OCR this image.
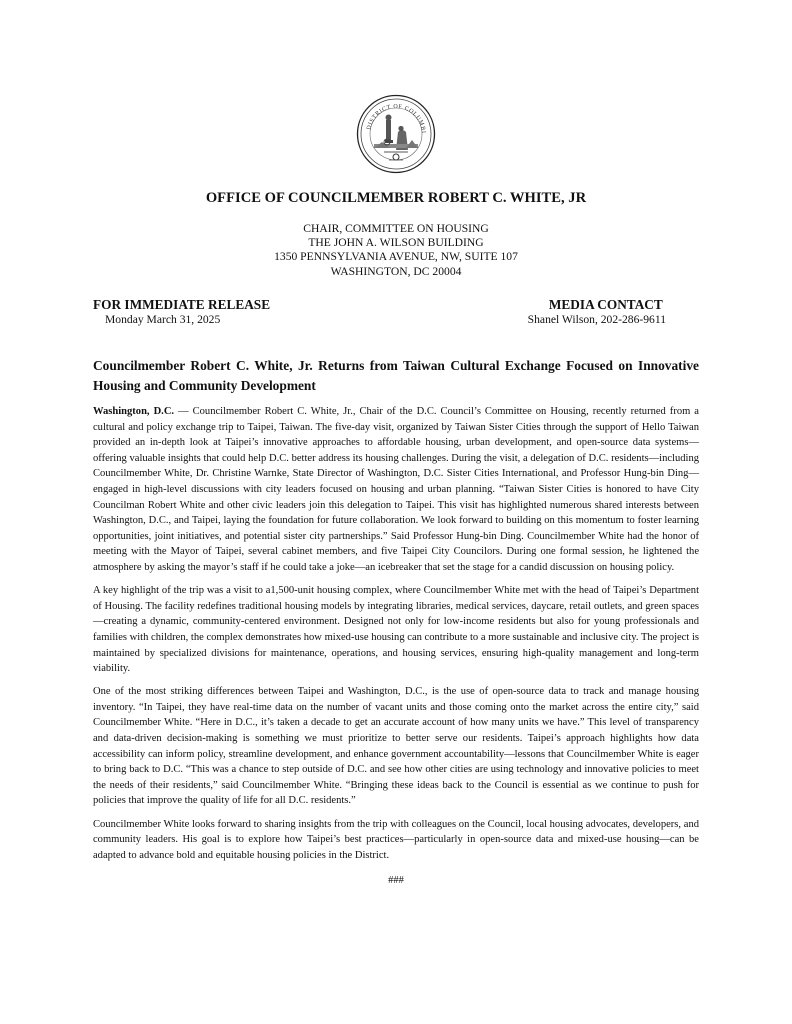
DISTRICT OF COLUMBI
OFFICE OF COUNCILMEMBER ROBERT C. WHITE, JR
CHAIR, COMMITTEE ON HOUSING
THE JOHN A. WILSON BUILDING
1350 PENNSYLVANIA AVENUE, NW, SUITE 107
WASHINGTON, DC 20004
FOR IMMEDIATE RELEASE
Monday March 31, 2025
MEDIA CONTACT
Shanel Wilson, 202-286-9611
Councilmember Robert C. White, Jr. Returns from Taiwan Cultural Exchange Focused on Innovative Housing and Community Development

Washington, D.C. — Councilmember Robert C. White, Jr., Chair of the D.C. Council’s Committee on Housing, recently returned from a cultural and policy exchange trip to Taipei, Taiwan. The five-day visit, organized by Taiwan Sister Cities through the support of Hello Taiwan provided an in-depth look at Taipei’s innovative approaches to affordable housing, urban development, and open-source data systems—offering valuable insights that could help D.C. better address its housing challenges. During the visit, a delegation of D.C. residents—including Councilmember White, Dr. Christine Warnke, State Director of Washington, D.C. Sister Cities International, and Professor Hung-bin Ding—engaged in high-level discussions with city leaders focused on housing and urban planning. “Taiwan Sister Cities is honored to have City Councilman Robert White and other civic leaders join this delegation to Taipei. This visit has highlighted numerous shared interests between Washington, D.C., and Taipei, laying the foundation for future collaboration. We look forward to building on this momentum to foster learning opportunities, joint initiatives, and potential sister city partnerships.” Said Professor Hung-bin Ding. Councilmember White had the honor of meeting with the Mayor of Taipei, several cabinet members, and five Taipei City Councilors. During one formal session, he lightened the atmosphere by asking the mayor’s staff if he could take a joke—an icebreaker that set the stage for a candid discussion on housing policy.

A key highlight of the trip was a visit to a1,500-unit housing complex, where Councilmember White met with the head of Taipei’s Department of Housing. The facility redefines traditional housing models by integrating libraries, medical services, daycare, retail outlets, and green spaces—creating a dynamic, community-centered environment. Designed not only for low-income residents but also for young professionals and families with children, the complex demonstrates how mixed-use housing can contribute to a more sustainable and inclusive city. The project is maintained by specialized divisions for maintenance, operations, and housing services, ensuring high-quality management and long-term viability.

One of the most striking differences between Taipei and Washington, D.C., is the use of open-source data to track and manage housing inventory. “In Taipei, they have real-time data on the number of vacant units and those coming onto the market across the entire city,” said Councilmember White. “Here in D.C., it’s taken a decade to get an accurate account of how many units we have.” This level of transparency and data-driven decision-making is something we must prioritize to better serve our residents. Taipei’s approach highlights how data accessibility can inform policy, streamline development, and enhance government accountability—lessons that Councilmember White is eager to bring back to D.C. “This was a chance to step outside of D.C. and see how other cities are using technology and innovative policies to meet the needs of their residents,” said Councilmember White. “Bringing these ideas back to the Council is essential as we continue to push for policies that improve the quality of life for all D.C. residents.”

Councilmember White looks forward to sharing insights from the trip with colleagues on the Council, local housing advocates, developers, and community leaders. His goal is to explore how Taipei’s best practices—particularly in open-source data and mixed-use housing—can be adapted to advance bold and equitable housing policies in the District.

###
